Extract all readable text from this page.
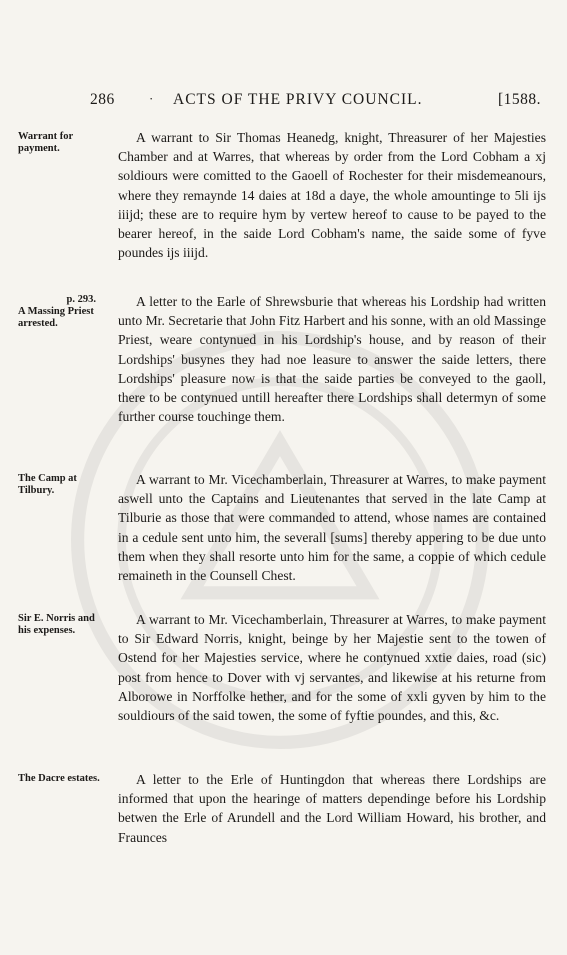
286	· ACTS OF THE PRIVY COUNCIL.	[1588.
Warrant for payment.

A warrant to Sir Thomas Heanedg, knight, Threasurer of her Majesties Chamber and at Warres, that whereas by order from the Lord Cobham a xj soldiours were comitted to the Gaoell of Rochester for their misdemeanours, where they remaynde 14 daies at 18d a daye, the whole amountinge to 5li ijs iiijd; these are to require hym by vertew hereof to cause to be payed to the bearer hereof, in the saide Lord Cobham's name, the saide some of fyve poundes ijs iiijd.

p. 293.
A Massing Priest arrested.

A letter to the Earle of Shrewsburie that whereas his Lordship had written unto Mr. Secretarie that John Fitz Harbert and his sonne, with an old Massinge Priest, weare contynued in his Lordship's house, and by reason of their Lordships' busynes they had noe leasure to answer the saide letters, there Lordships' pleasure now is that the saide parties be conveyed to the gaoll, there to be contynued untill hereafter there Lordships shall determyn of some further course touchinge them.

The Camp at Tilbury.

A warrant to Mr. Vicechamberlain, Threasurer at Warres, to make payment aswell unto the Captains and Lieutenantes that served in the late Camp at Tilburie as those that were commanded to attend, whose names are contained in a cedule sent unto him, the severall [sums] thereby appering to be due unto them when they shall resorte unto him for the same, a coppie of which cedule remaineth in the Counsell Chest.

Sir E. Norris and his expenses.

A warrant to Mr. Vicechamberlain, Threasurer at Warres, to make payment to Sir Edward Norris, knight, beinge by her Majestie sent to the towen of Ostend for her Majesties service, where he contynued xxtie daies, road (sic) post from hence to Dover with vj servantes, and likewise at his returne from Alborowe in Norffolke hether, and for the some of xxli gyven by him to the souldiours of the said towen, the some of fyftie poundes, and this, &c.

The Dacre estates.	A letter to the Erle of Huntingdon that whereas there Lordships are informed that upon the hearinge of matters dependinge before his Lordship betwen the Erle of Arundell and the Lord William Howard, his brother, and Fraunces
